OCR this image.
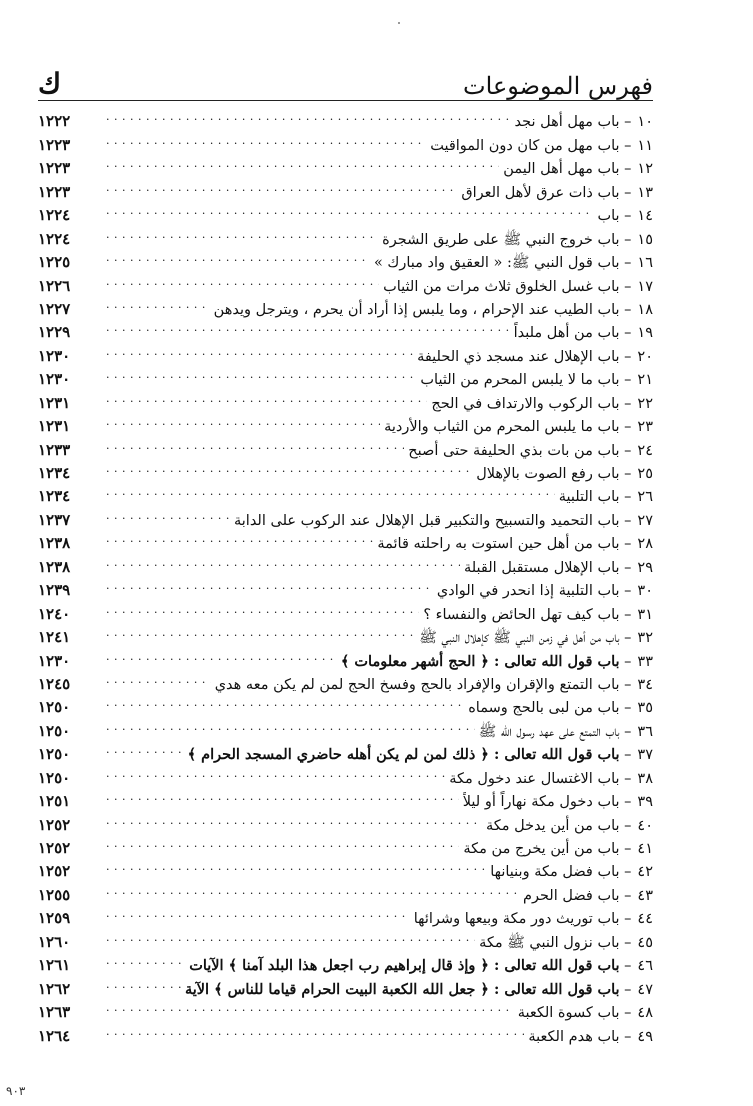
فهرس الموضوعات
ك
١٠
–
باب مهل أهل نجد
. . .
١٢٢٢
١١
–
باب مهل من كان دون المواقيت
. . .
١٢٢٣
١٢
–
باب مهل أهل اليمن
. . .
١٢٢٣
١٣
–
باب ذات عرق لأهل العراق
. . .
١٢٢٣
١٤
–
باب
. . .
١٢٢٤
١٥
–
باب خروج النبي ﷺ على طريق الشجرة
. . .
١٢٢٤
١٦
–
باب قول النبي ﷺ: « العقيق واد مبارك »
. . .
١٢٢٥
١٧
–
باب غسل الخلوق ثلاث مرات من الثياب
. . .
١٢٢٦
١٨
–
باب الطيب عند الإحرام ، وما يلبس إذا أراد أن يحرم ، ويترجل ويدهن
. . .
١٢٢٧
١٩
–
باب من أهل ملبداً
. . .
١٢٢٩
٢٠
–
باب الإهلال عند مسجد ذي الحليفة
. . .
١٢٣٠
٢١
–
باب ما لا يلبس المحرم من الثياب
. . .
١٢٣٠
٢٢
–
باب الركوب والارتداف في الحج
. . .
١٢٣١
٢٣
–
باب ما يلبس المحرم من الثياب والأردية
. . .
١٢٣١
٢٤
–
باب من بات بذي الحليفة حتى أصبح
. . .
١٢٣٣
٢٥
–
باب رفع الصوت بالإهلال
. . .
١٢٣٤
٢٦
–
باب التلبية
. . .
١٢٣٤
٢٧
–
باب التحميد والتسبيح والتكبير قبل الإهلال عند الركوب على الدابة
. . .
١٢٣٧
٢٨
–
باب من أهل حين استوت به راحلته قائمة
. . .
١٢٣٨
٢٩
–
باب الإهلال مستقبل القبلة
. . .
١٢٣٨
٣٠
–
باب التلبية إذا انحدر في الوادي
. . .
١٢٣٩
٣١
–
باب كيف تهل الحائض والنفساء ؟
. . .
١٢٤٠
٣٢
–
باب من أهل في زمن النبي ﷺ كإهلال النبي ﷺ
. . .
١٢٤١
٣٣
–
باب قول الله تعالى : ﴿ الحج أشهر معلومات ﴾
. . .
١٢٣٠
٣٤
–
باب التمتع والإقران والإفراد بالحج وفسخ الحج لمن لم يكن معه هدي
. . .
١٢٤٥
٣٥
–
باب من لبى بالحج وسماه
. . .
١٢٥٠
٣٦
–
باب التمتع على عهد رسول الله ﷺ
. . .
١٢٥٠
٣٧
–
باب قول الله تعالى : ﴿ ذلك لمن لم يكن أهله حاضري المسجد الحرام ﴾
. . .
١٢٥٠
٣٨
–
باب الاغتسال عند دخول مكة
. . .
١٢٥٠
٣٩
–
باب دخول مكة نهاراً أو ليلاً
. . .
١٢٥١
٤٠
–
باب من أين يدخل مكة
. . .
١٢٥٢
٤١
–
باب من أين يخرج من مكة
. . .
١٢٥٢
٤٢
–
باب فضل مكة وبنيانها
. . .
١٢٥٢
٤٣
–
باب فضل الحرم
. . .
١٢٥٥
٤٤
–
باب توريث دور مكة وبيعها وشرائها
. . .
١٢٥٩
٤٥
–
باب نزول النبي ﷺ مكة
. . .
١٢٦٠
٤٦
–
باب قول الله تعالى : ﴿ وإذ قال إبراهيم رب اجعل هذا البلد آمنا ﴾ الآيات
. . .
١٢٦١
٤٧
–
باب قول الله تعالى : ﴿ جعل الله الكعبة البيت الحرام قياما للناس ﴾ الآية
. . .
١٢٦٢
٤٨
–
باب كسوة الكعبة
. . .
١٢٦٣
٤٩
–
باب هدم الكعبة
. . .
١٢٦٤
٩٠٣
